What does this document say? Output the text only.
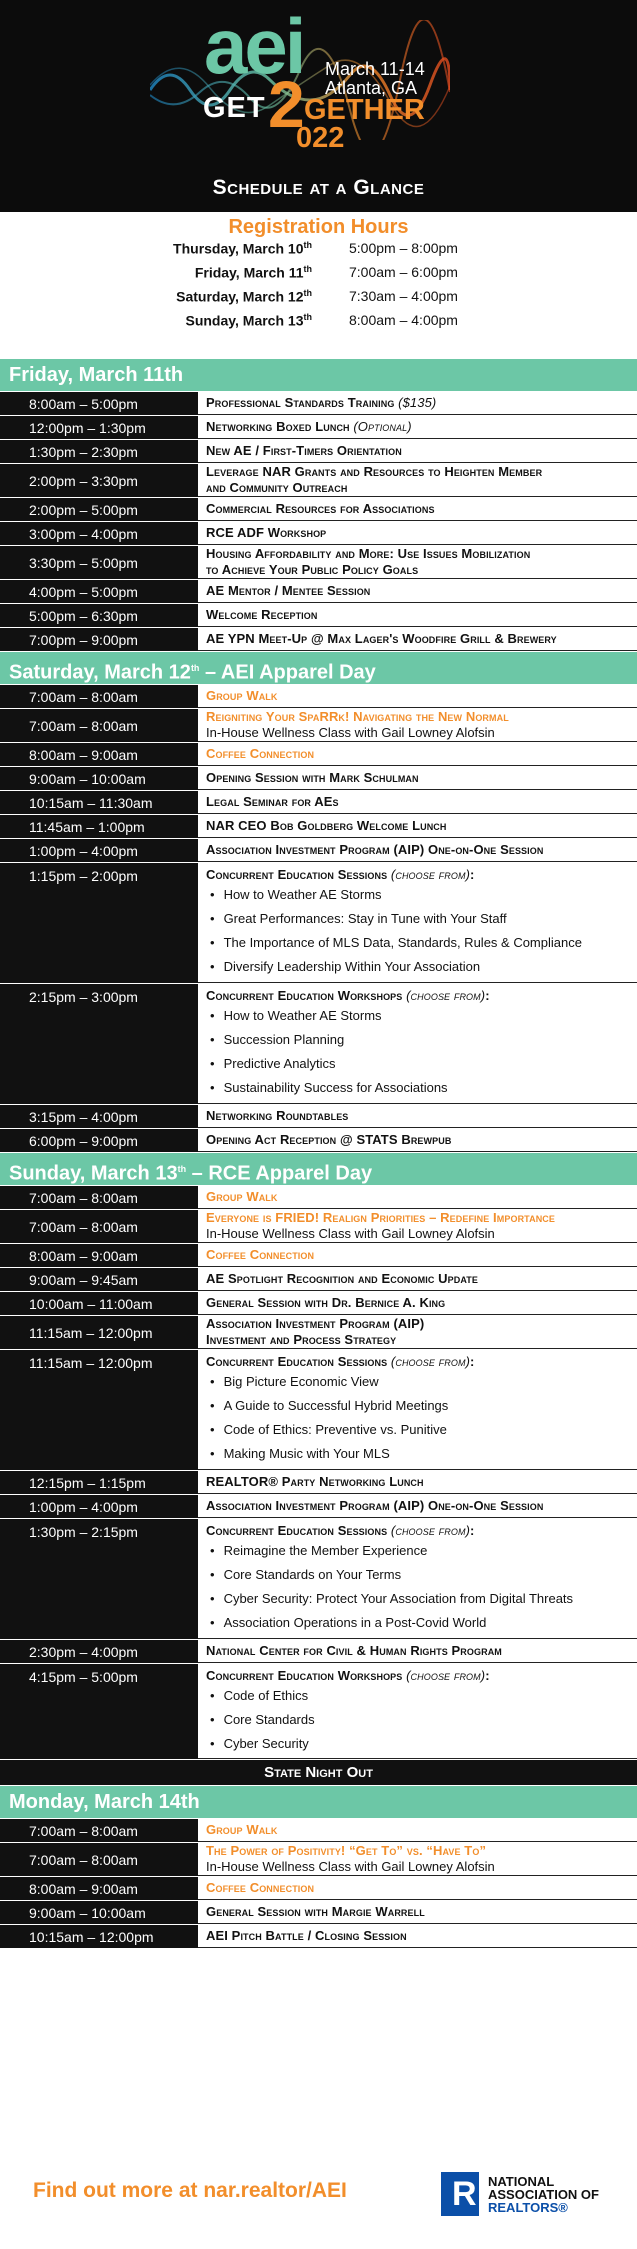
aei March 11-14
Atlanta, GA
GET 2 GETHER
022
Schedule at a Glance
Registration Hours
Thursday, March 10th	5:00pm – 8:00pm
Friday, March 11th	7:00am – 6:00pm
Saturday, March 12th	7:30am – 4:00pm
Sunday, March 13th	8:00am – 4:00pm
Friday, March 11th
8:00am – 5:00pm	Professional Standards Training ($135)
12:00pm – 1:30pm	Networking Boxed Lunch (Optional)
1:30pm – 2:30pm	New AE / First-Timers Orientation
2:00pm – 3:30pm
Leverage NAR Grants and Resources to Heighten Member
and Community Outreach
2:00pm – 5:00pm	Commercial Resources for Associations
3:00pm – 4:00pm	RCE ADF Workshop
3:30pm – 5:00pm
Housing Affordability and More: Use Issues Mobilization
to Achieve Your Public Policy Goals
4:00pm – 5:00pm	AE Mentor / Mentee Session
5:00pm – 6:30pm	Welcome Reception
7:00pm – 9:00pm	AE YPN Meet-Up @ Max Lager's Woodfire Grill & Brewery
Saturday, March 12th – AEI Apparel Day
7:00am – 8:00am	Group Walk
7:00am – 8:00am
Reigniting Your SpaRRk! Navigating the New Normal
In-House Wellness Class with Gail Lowney Alofsin
8:00am – 9:00am	Coffee Connection
9:00am – 10:00am	Opening Session with Mark Schulman
10:15am – 11:30am	Legal Seminar for AEs
11:45am – 1:00pm	NAR CEO Bob Goldberg Welcome Lunch
1:00pm – 4:00pm	Association Investment Program (AIP) One-on-One Session
1:15pm – 2:00pm	Concurrent Education Sessions (choose from):
• How to Weather AE Storms
• Great Performances: Stay in Tune with Your Staff
• The Importance of MLS Data, Standards, Rules & Compliance
• Diversify Leadership Within Your Association
2:15pm – 3:00pm	Concurrent Education Workshops (choose from):
• How to Weather AE Storms
• Succession Planning
• Predictive Analytics
• Sustainability Success for Associations
3:15pm – 4:00pm	Networking Roundtables
6:00pm – 9:00pm	Opening Act Reception @ STATS Brewpub
Sunday, March 13th – RCE Apparel Day
7:00am – 8:00am	Group Walk
7:00am – 8:00am
Everyone is FRIED! Realign Priorities – Redefine Importance
In-House Wellness Class with Gail Lowney Alofsin
8:00am – 9:00am	Coffee Connection
9:00am – 9:45am	AE Spotlight Recognition and Economic Update
10:00am – 11:00am	General Session with Dr. Bernice A. King
11:15am – 12:00pm
Association Investment Program (AIP)
Investment and Process Strategy
11:15am – 12:00pm	Concurrent Education Sessions (choose from):
• Big Picture Economic View
• A Guide to Successful Hybrid Meetings
• Code of Ethics: Preventive vs. Punitive
• Making Music with Your MLS
12:15pm – 1:15pm	REALTOR® Party Networking Lunch
1:00pm – 4:00pm	Association Investment Program (AIP) One-on-One Session
1:30pm – 2:15pm	Concurrent Education Sessions (choose from):
• Reimagine the Member Experience
• Core Standards on Your Terms
• Cyber Security: Protect Your Association from Digital Threats
• Association Operations in a Post-Covid World
2:30pm – 4:00pm	National Center for Civil & Human Rights Program
4:15pm – 5:00pm	Concurrent Education Workshops (choose from):
• Code of Ethics
• Core Standards
• Cyber Security
State Night Out
Monday, March 14th
7:00am – 8:00am	Group Walk
7:00am – 8:00am
The Power of Positivity! “Get To” vs. “Have To”
In-House Wellness Class with Gail Lowney Alofsin
8:00am – 9:00am	Coffee Connection
9:00am – 10:00am	General Session with Margie Warrell
10:15am – 12:00pm	AEI Pitch Battle / Closing Session
Find out more at nar.realtor/AEI	R NATIONAL
ASSOCIATION OF
REALTORS®
